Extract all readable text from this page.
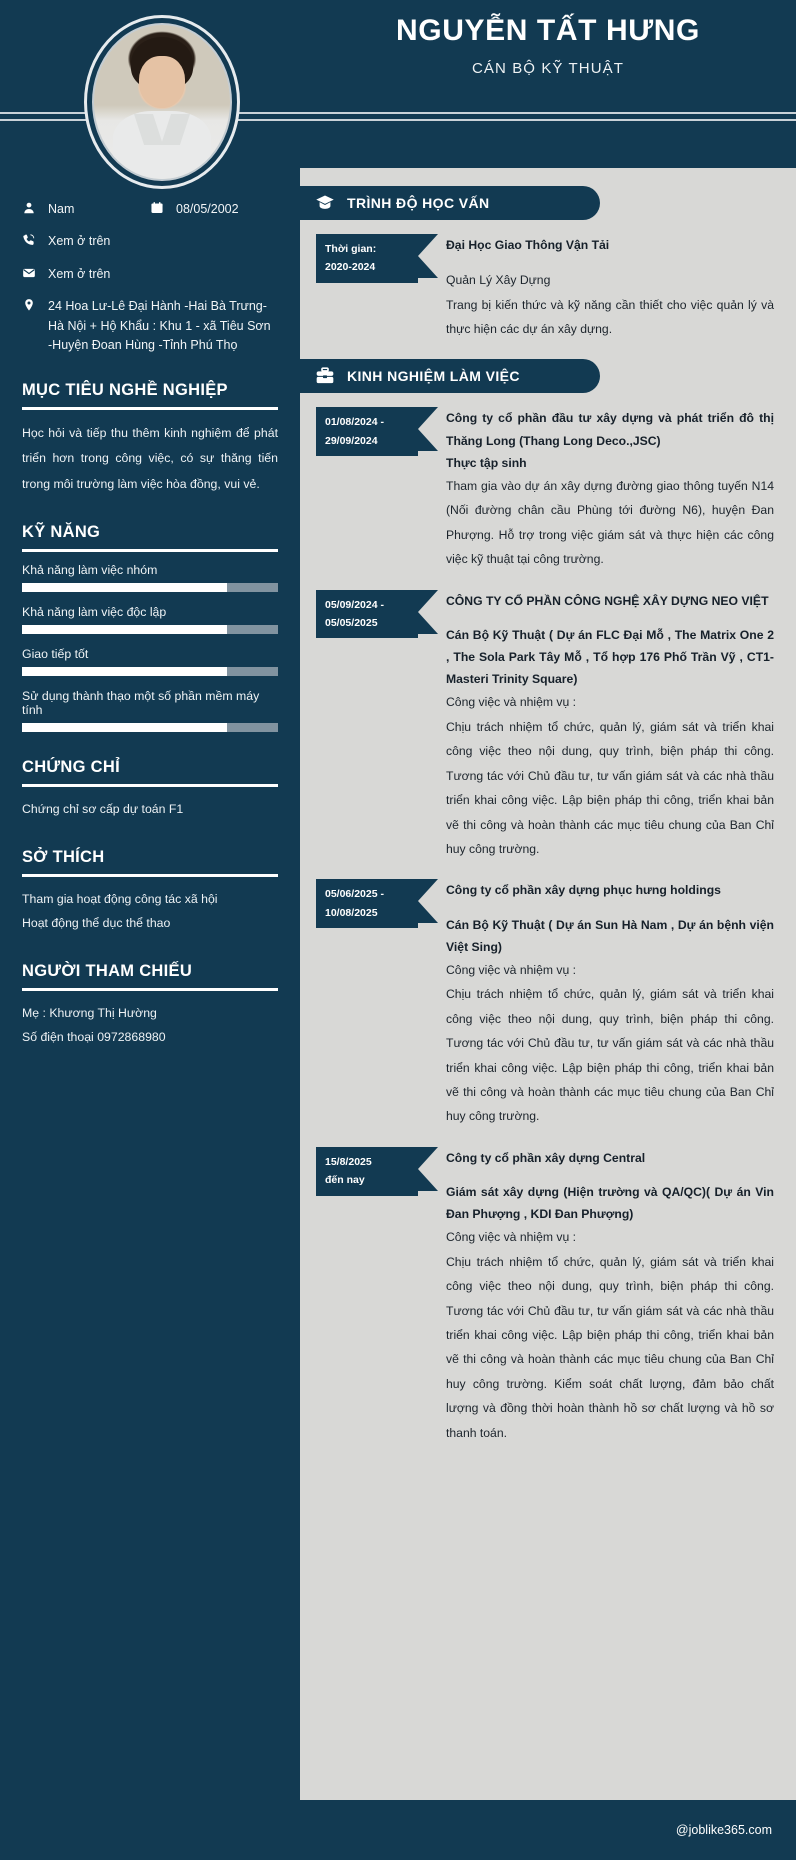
NGUYỄN TẤT HƯNG
CÁN BỘ KỸ THUẬT
Nam	08/05/2002
Xem ở trên
Xem ở trên
24 Hoa Lư-Lê Đại Hành -Hai Bà Trưng-Hà Nội + Hộ Khẩu : Khu 1 - xã Tiêu Sơn -Huyện Đoan Hùng -Tỉnh Phú Thọ
MỤC TIÊU NGHỀ NGHIỆP
Học hỏi và tiếp thu thêm kinh nghiệm để phát triển hơn trong công việc, có sự thăng tiến trong môi trường làm việc hòa đồng, vui vẻ.
KỸ NĂNG
Khả năng làm việc nhóm
Khả năng làm việc độc lập
Giao tiếp tốt
Sử dụng thành thạo một số phần mềm máy tính
CHỨNG CHỈ
Chứng chỉ sơ cấp dự toán F1
SỞ THÍCH
Tham gia hoạt động công tác xã hội
Hoạt động thể dục thể thao
NGƯỜI THAM CHIẾU
Mẹ : Khương Thị Hường
Số điện thoại 0972868980
TRÌNH ĐỘ HỌC VẤN
Thời gian:
2020-2024
Đại Học Giao Thông Vận Tải
Quản Lý Xây Dựng
Trang bị kiến thức và kỹ năng cần thiết cho việc quản lý và thực hiện các dự án xây dựng.
KINH NGHIỆM LÀM VIỆC
01/08/2024 -
29/09/2024
Công ty cổ phần đầu tư xây dựng và phát triển đô thị Thăng Long (Thang Long Deco.,JSC)
Thực tập sinh
Tham gia vào dự án xây dựng đường giao thông tuyến N14 (Nối đường chân cầu Phùng tới đường N6), huyện Đan Phượng. Hỗ trợ trong việc giám sát và thực hiện các công việc kỹ thuật tại công trường.
05/09/2024 -
05/05/2025
CÔNG TY CỔ PHẦN CÔNG NGHỆ XÂY DỰNG NEO VIỆT
Cán Bộ Kỹ Thuật ( Dự án FLC Đại Mỗ , The Matrix One 2 , The Sola Park Tây Mỗ , Tổ hợp 176 Phố Trần Vỹ , CT1- Masteri Trinity Square)
Công việc và nhiệm vụ :
Chịu trách nhiệm tổ chức, quản lý, giám sát và triển khai công việc theo nội dung, quy trình, biện pháp thi công. Tương tác với Chủ đầu tư, tư vấn giám sát và các nhà thầu triển khai công việc. Lập biện pháp thi công, triển khai bản vẽ thi công và hoàn thành các mục tiêu chung của Ban Chỉ huy công trường.
05/06/2025 -
10/08/2025
Công ty cổ phần xây dựng phục hưng holdings
Cán Bộ Kỹ Thuật ( Dự án Sun Hà Nam , Dự án bệnh viện Việt Sing)
Công việc và nhiệm vụ :
Chịu trách nhiệm tổ chức, quản lý, giám sát và triển khai công việc theo nội dung, quy trình, biện pháp thi công. Tương tác với Chủ đầu tư, tư vấn giám sát và các nhà thầu triển khai công việc. Lập biện pháp thi công, triển khai bản vẽ thi công và hoàn thành các mục tiêu chung của Ban Chỉ huy công trường.
15/8/2025
đến nay
Công ty cổ phần xây dựng Central
Giám sát xây dựng (Hiện trường và QA/QC)( Dự án Vin Đan Phượng , KDI Đan Phượng)
Công việc và nhiệm vụ :
Chịu trách nhiệm tổ chức, quản lý, giám sát và triển khai công việc theo nội dung, quy trình, biện pháp thi công. Tương tác với Chủ đầu tư, tư vấn giám sát và các nhà thầu triển khai công việc. Lập biện pháp thi công, triển khai bản vẽ thi công và hoàn thành các mục tiêu chung của Ban Chỉ huy công trường. Kiểm soát chất lượng, đảm bảo chất lượng và đồng thời hoàn thành hồ sơ chất lượng và hồ sơ thanh toán.
@joblike365.com
